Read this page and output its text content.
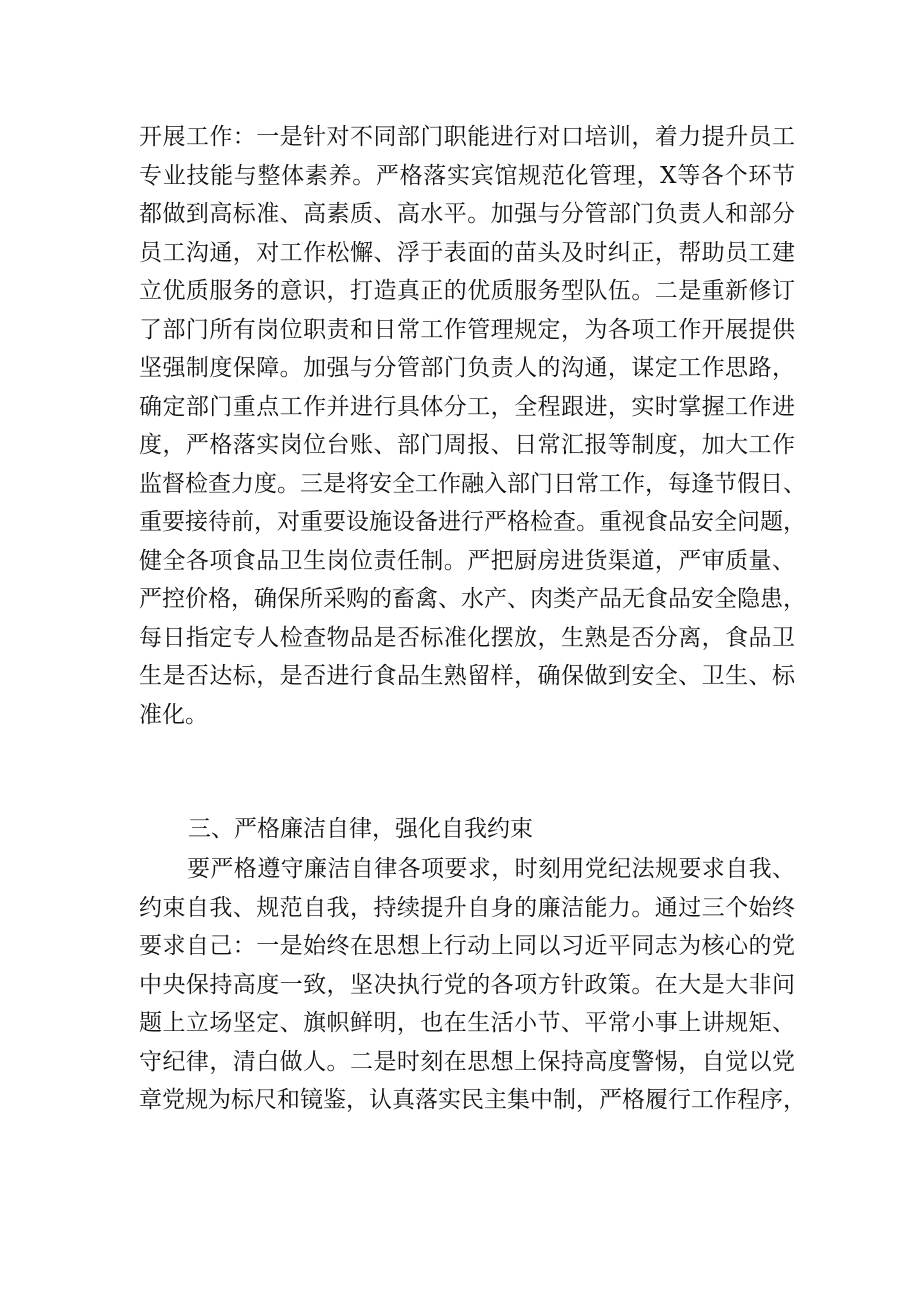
开展工作：一是针对不同部门职能进行对口培训，着力提升员工
专业技能与整体素养。严格落实宾馆规范化管理，X等各个环节
都做到高标准、高素质、高水平。加强与分管部门负责人和部分
员工沟通，对工作松懈、浮于表面的苗头及时纠正，帮助员工建
立优质服务的意识，打造真正的优质服务型队伍。二是重新修订
了部门所有岗位职责和日常工作管理规定，为各项工作开展提供
坚强制度保障。加强与分管部门负责人的沟通，谋定工作思路，
确定部门重点工作并进行具体分工，全程跟进，实时掌握工作进
度，严格落实岗位台账、部门周报、日常汇报等制度，加大工作
监督检查力度。三是将安全工作融入部门日常工作，每逢节假日、
重要接待前，对重要设施设备进行严格检查。重视食品安全问题，
健全各项食品卫生岗位责任制。严把厨房进货渠道，严审质量、
严控价格，确保所采购的畜禽、水产、肉类产品无食品安全隐患，
每日指定专人检查物品是否标准化摆放，生熟是否分离，食品卫
生是否达标，是否进行食品生熟留样，确保做到安全、卫生、标
准化。
三、严格廉洁自律，强化自我约束
要严格遵守廉洁自律各项要求，时刻用党纪法规要求自我、
约束自我、规范自我，持续提升自身的廉洁能力。通过三个始终
要求自己：一是始终在思想上行动上同以习近平同志为核心的党
中央保持高度一致，坚决执行党的各项方针政策。在大是大非问
题上立场坚定、旗帜鲜明，也在生活小节、平常小事上讲规矩、
守纪律，清白做人。二是时刻在思想上保持高度警惕，自觉以党
章党规为标尺和镜鉴，认真落实民主集中制，严格履行工作程序，
